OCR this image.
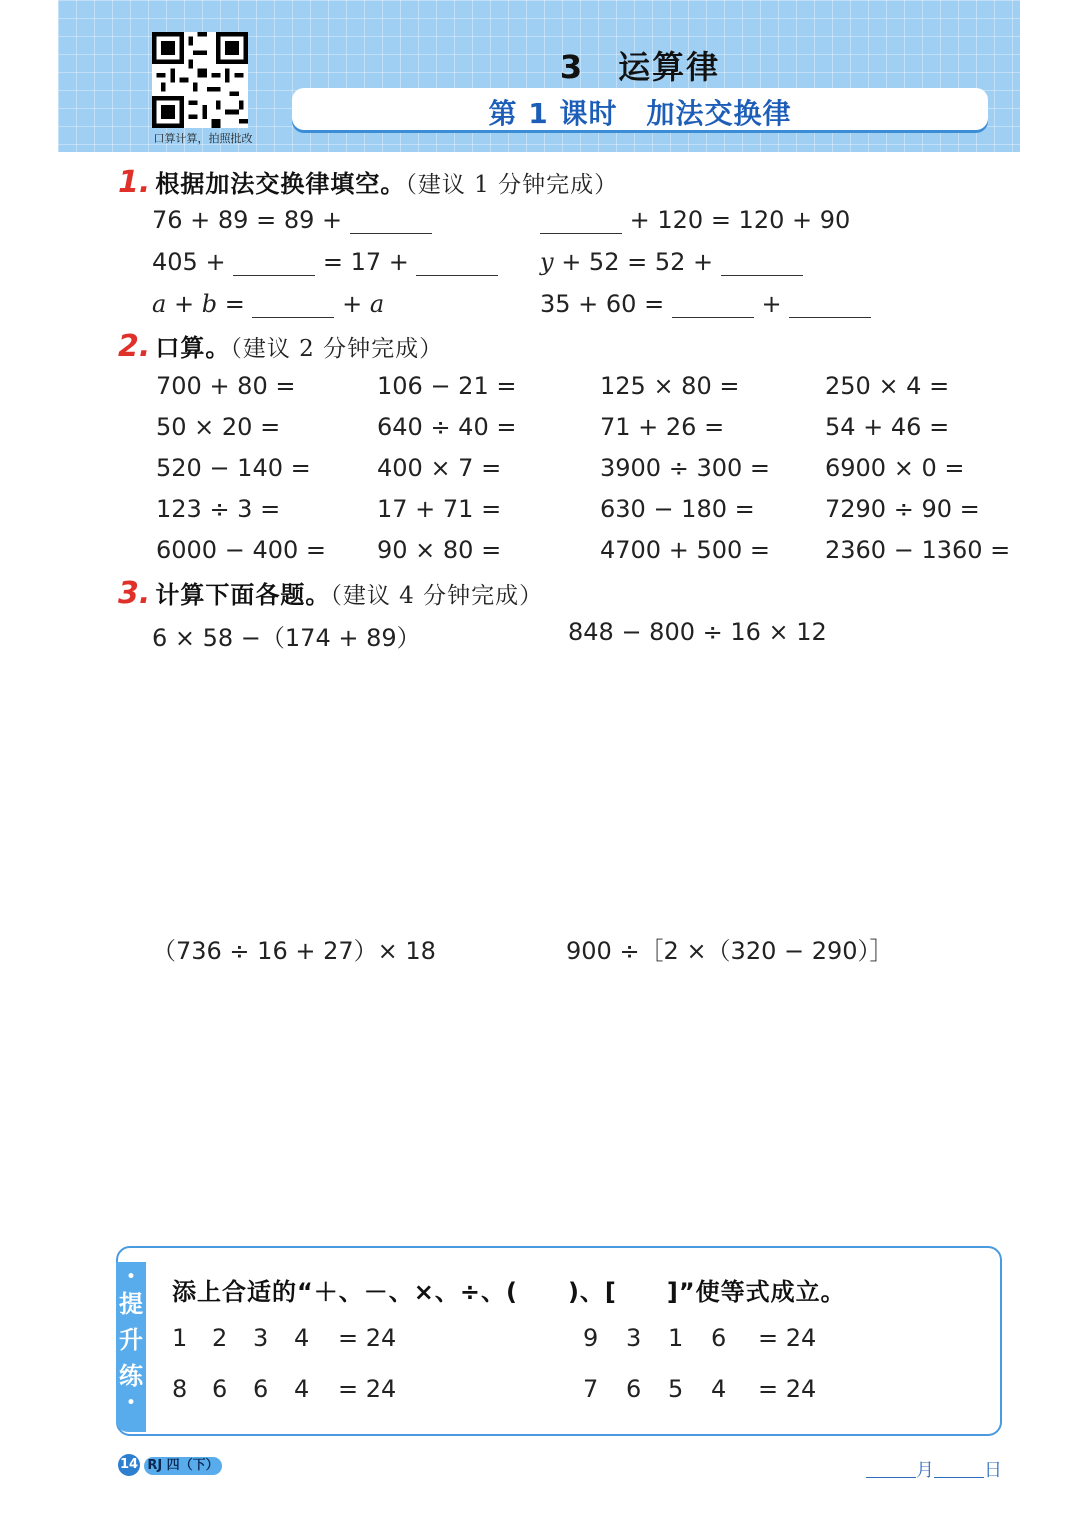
口算计算，拍照批改
3　运算律
第 1 课时　加法交换律
1. 根据加法交换律填空。（建议 1 分钟完成）
76 + 89 = 89 +	+ 120 = 120 + 90
405 +	= 17 +	y + 52 = 52 +
a + b =	+ a	35 + 60 =	+
2. 口算。（建议 2 分钟完成）
700 + 80 =	106 − 21 =	125 × 80 =	250 × 4 =
50 × 20 =	640 ÷ 40 =	71 + 26 =	54 + 46 =
520 − 140 =	400 × 7 =	3900 ÷ 300 = 6900 × 0 =
123 ÷ 3 =	17 + 71 =	630 − 180 =	7290 ÷ 90 =
6000 − 400 = 90 × 80 =	4700 + 500 = 2360 − 1360 =
3. 计算下面各题。（建议 4 分钟完成）
6 × 58 −（174 + 89）	848 − 800 ÷ 16 × 12
（736 ÷ 16 + 27）× 18	900 ÷［2 ×（320 − 290）］
•
提
升
练
•
添上合适的“＋、－、×、÷、(　　)、[　　]”使等式成立。
1 2 3 4 = 24	9 3 1 6 = 24
8 6 6 4 = 24	7 6 5 4 = 24
14 RJ 四（下）	月	日
